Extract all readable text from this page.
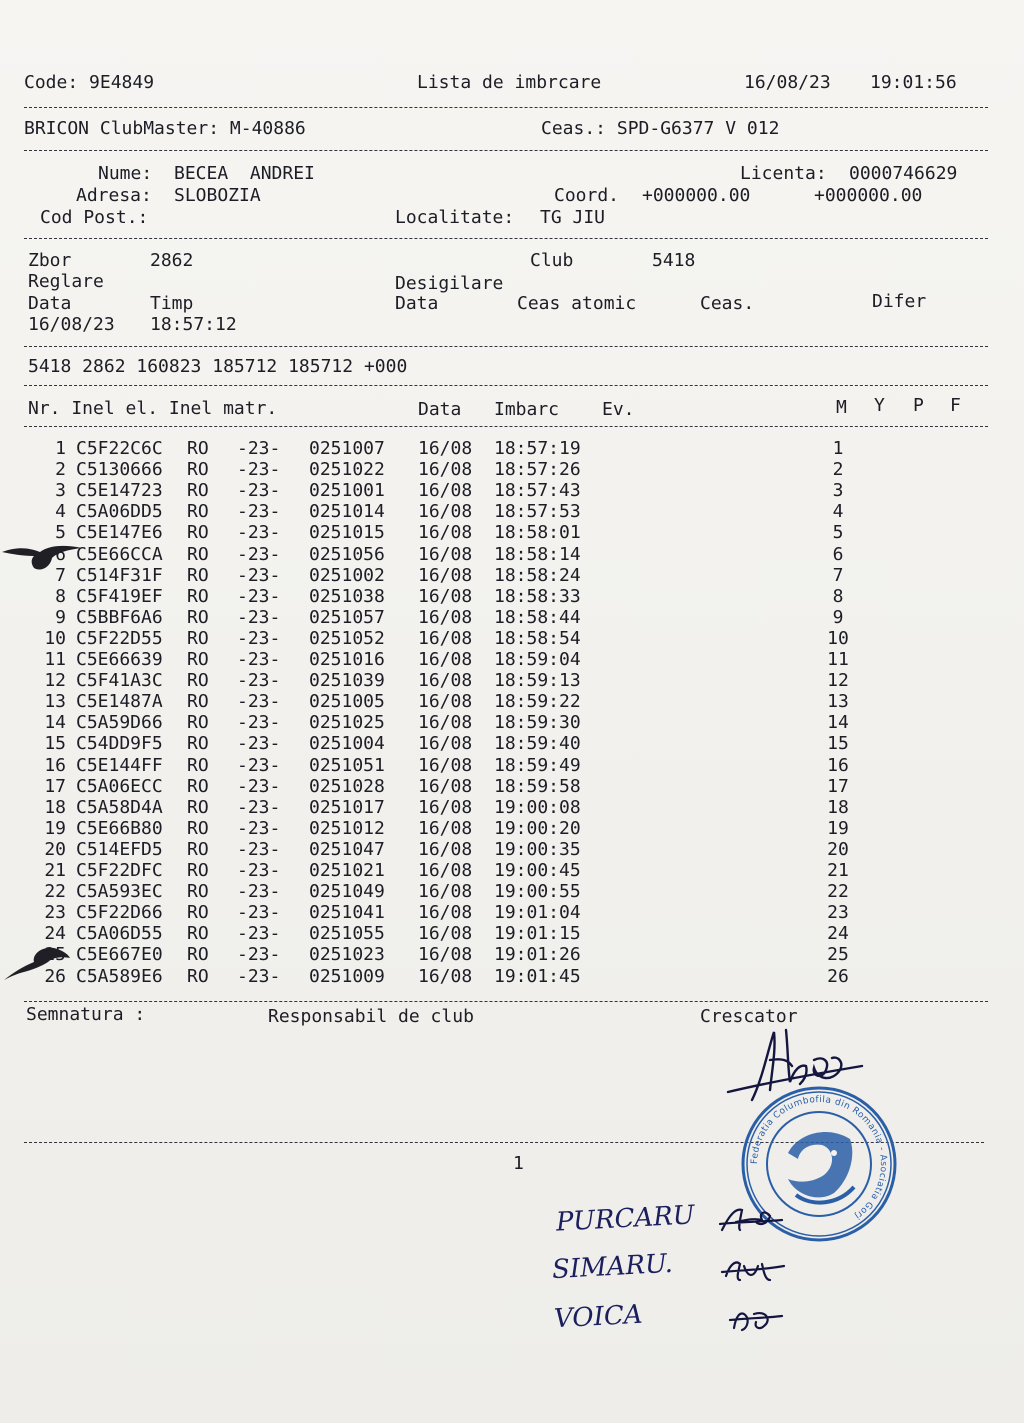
Code: 9E4849	Lista de imbrcare	16/08/23 19:01:56
BRICON ClubMaster: M-40886	Ceas.: SPD-G6377 V 012
Nume: BECEA  ANDREI	Licenta: 0000746629
Adresa: SLOBOZIA	Coord. +000000.00	+000000.00
Cod Post.:	Localitate: TG JIU
Zbor	2862	Club	5418
Reglare	Desigilare
Data	Timp	Data	Ceas atomic	Ceas.	Difer
16/08/23 18:57:12
5418 2862 160823 185712 185712 +000
Nr. Inel el. Inel matr.	Data Imbarc Ev.	M Y P F
1 C5F22C6C RO -23- 0251007 16/08 18:57:19	1
2 C5130666 RO -23- 0251022 16/08 18:57:26	2
3 C5E14723 RO -23- 0251001 16/08 18:57:43	3
4 C5A06DD5 RO -23- 0251014 16/08 18:57:53	4
5 C5E147E6 RO -23- 0251015 16/08 18:58:01	5
6 C5E66CCA RO -23- 0251056 16/08 18:58:14	6
7 C514F31F RO -23- 0251002 16/08 18:58:24	7
8 C5F419EF RO -23- 0251038 16/08 18:58:33	8
9 C5BBF6A6 RO -23- 0251057 16/08 18:58:44	9
10 C5F22D55 RO -23- 0251052 16/08 18:58:54	10
11 C5E66639 RO -23- 0251016 16/08 18:59:04	11
12 C5F41A3C RO -23- 0251039 16/08 18:59:13	12
13 C5E1487A RO -23- 0251005 16/08 18:59:22	13
14 C5A59D66 RO -23- 0251025 16/08 18:59:30	14
15 C54DD9F5 RO -23- 0251004 16/08 18:59:40	15
16 C5E144FF RO -23- 0251051 16/08 18:59:49	16
17 C5A06ECC RO -23- 0251028 16/08 18:59:58	17
18 C5A58D4A RO -23- 0251017 16/08 19:00:08	18
19 C5E66B80 RO -23- 0251012 16/08 19:00:20	19
20 C514EFD5 RO -23- 0251047 16/08 19:00:35	20
21 C5F22DFC RO -23- 0251021 16/08 19:00:45	21
22 C5A593EC RO -23- 0251049 16/08 19:00:55	22
23 C5F22D66 RO -23- 0251041 16/08 19:01:04	23
24 C5A06D55 RO -23- 0251055 16/08 19:01:15	24
C5E667E0 RO -23- 0251023 16/08 19:01:26	25
26 C5A589E6 RO -23- 0251009 16/08 19:01:45	26
Semnatura :	Responsabil de club	Crescator
1	Federatia Columbofila din Romania - Asociatia Gorj
PURCARU
SIMARU.
VOICA
